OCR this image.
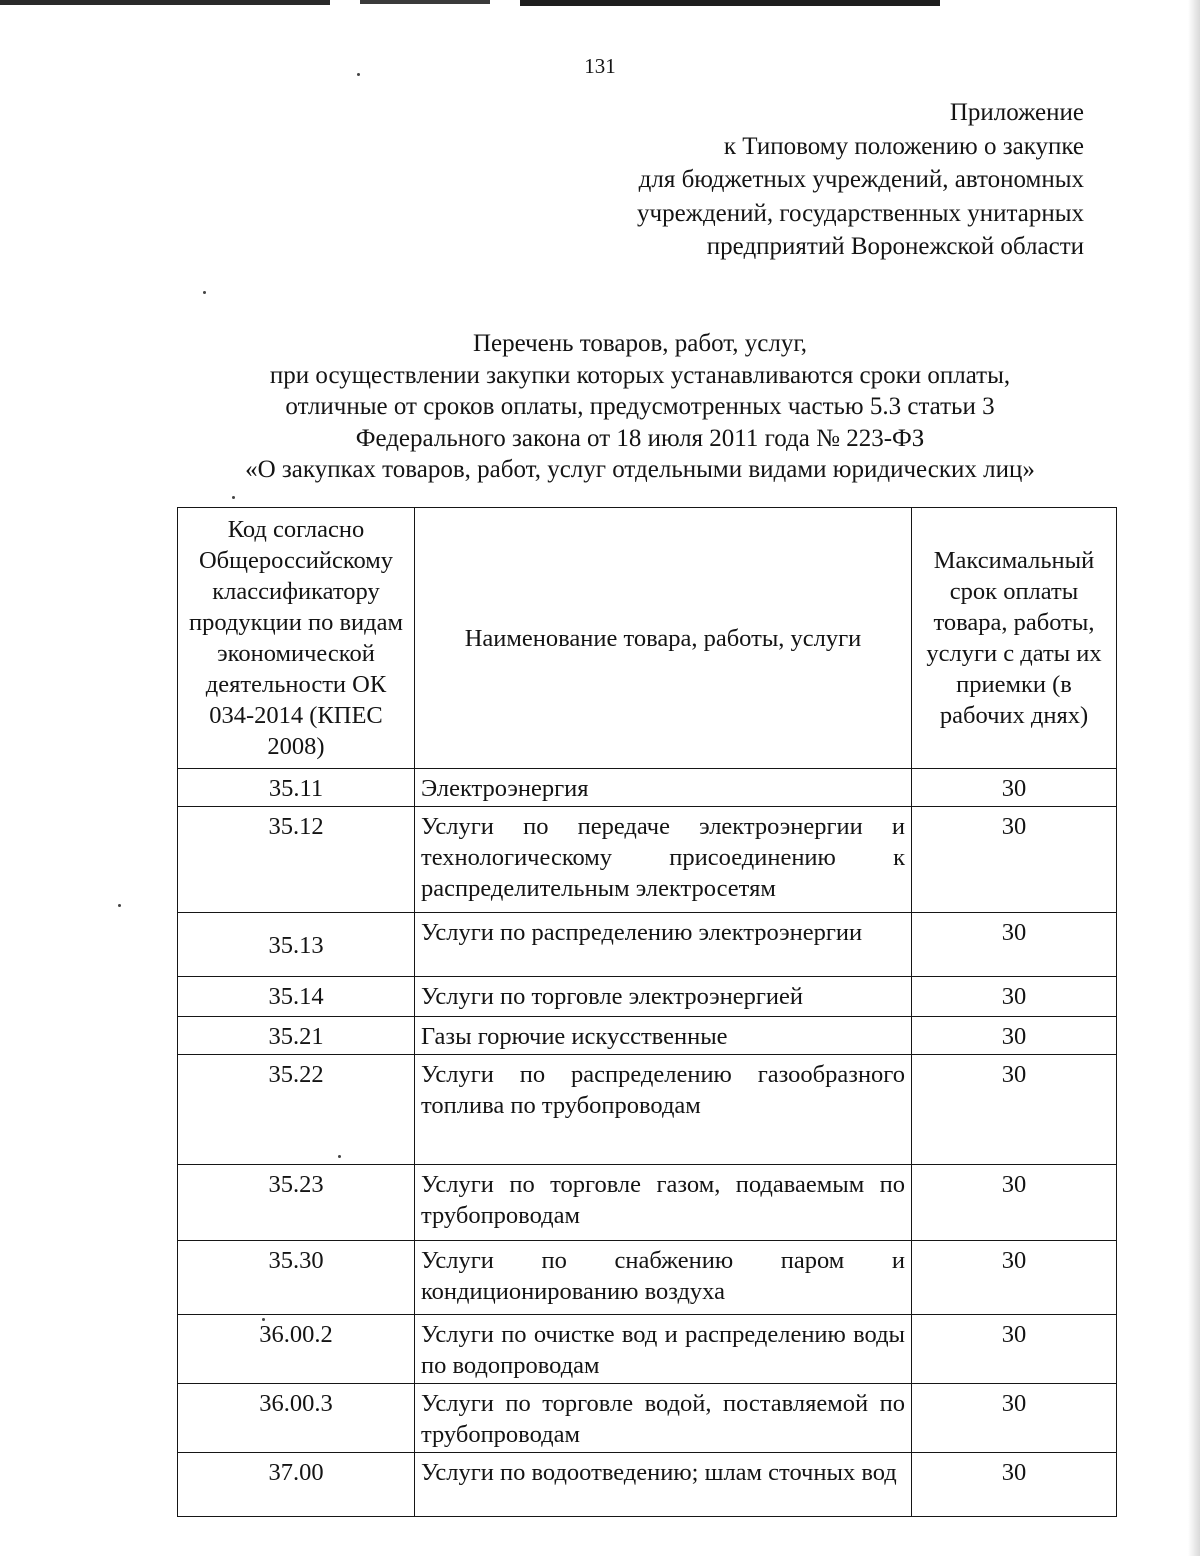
131
Приложение
к Типовому положению о закупке
для бюджетных учреждений, автономных
учреждений, государственных унитарных
предприятий Воронежской области
Перечень товаров, работ, услуг,
при осуществлении закупки которых устанавливаются сроки оплаты,
отличные от сроков оплаты, предусмотренных частью 5.3 статьи 3
Федерального закона от 18 июля 2011 года № 223-ФЗ
«О закупках товаров, работ, услуг отдельными видами юридических лиц»
Код согласно Общероссийскому классификатору продукции по видам экономической деятельности ОК 034-2014 (КПЕС 2008)	Наименование товара, работы, услуги	Максимальный срок оплаты товара, работы, услуги с даты их приемки (в рабочих днях)
35.11	Электроэнергия	30
35.12	Услуги по передаче электроэнергии и технологическому присоединению к распределительным электросетям	30
35.13	Услуги по распределению электроэнергии	30
35.14	Услуги по торговле электроэнергией	30
35.21	Газы горючие искусственные	30
35.22	Услуги по распределению газообразного топлива по трубопроводам	30
35.23	Услуги по торговле газом, подаваемым по трубопроводам	30
35.30	Услуги по снабжению паром и кондиционированию воздуха	30
36.00.2	Услуги по очистке вод и распределению воды по водопроводам	30
36.00.3	Услуги по торговле водой, поставляемой по трубопроводам	30
37.00	Услуги по водоотведению; шлам сточных вод	30
